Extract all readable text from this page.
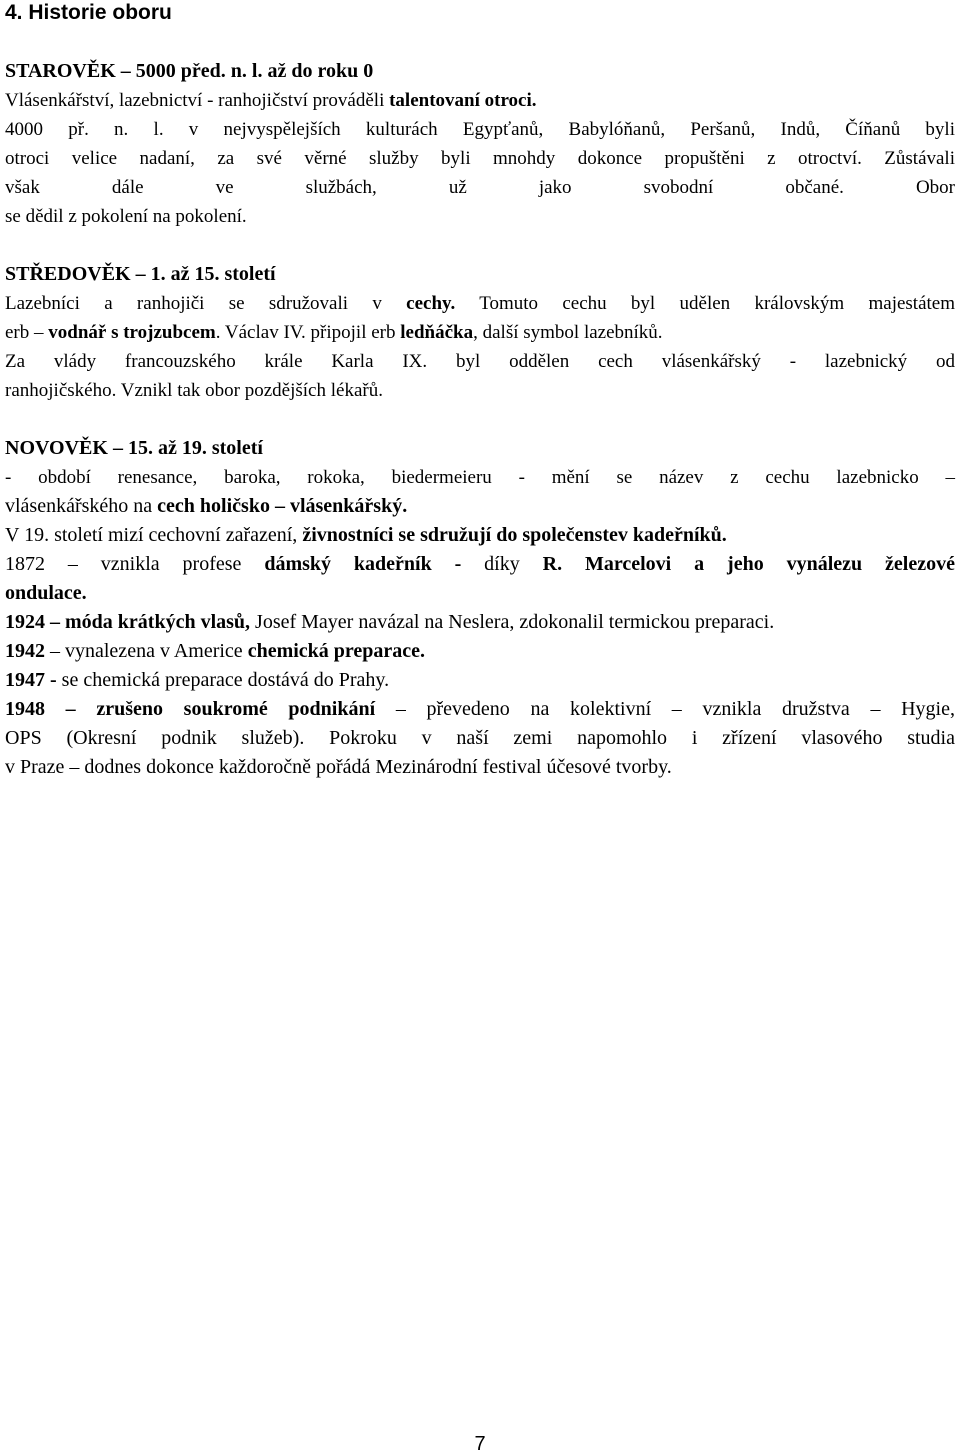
4. Historie oboru
STAROVĚK – 5000 před. n. l. až do roku 0
Vlásenkářství, lazebnictví - ranhojičství prováděli talentovaní otroci.
4000 př. n. l. v nejvyspělejších kulturách Egypťanů, Babylóňanů, Peršanů, Indů, Číňanů byli
otroci velice nadaní, za své věrné služby byli mnohdy dokonce propuštěni z otroctví. Zůstávali
však dále ve službách, už jako svobodní občané. Obor
se dědil z pokolení na pokolení.
STŘEDOVĚK – 1. až 15. století
Lazebníci a ranhojiči se sdružovali v cechy. Tomuto cechu byl udělen královským majestátem
erb – vodnář s trojzubcem. Václav IV. připojil erb ledňáčka, další symbol lazebníků.
Za vlády francouzského krále Karla IX. byl oddělen cech vlásenkářský - lazebnický od
ranhojičského. Vznikl tak obor pozdějších lékařů.
NOVOVĚK – 15. až 19. století
- období renesance, baroka, rokoka, biedermeieru - mění se název z cechu lazebnicko –
vlásenkářského na cech holičsko – vlásenkářský.
V 19. století mizí cechovní zařazení, živnostníci se sdružují do společenstev kadeřníků.
1872 – vznikla profese dámský kadeřník - díky R. Marcelovi a jeho vynálezu železové
ondulace.
1924 – módа krátkých vlasů, Josef Mayer navázal na Neslera, zdokonalil termickou preparaci.
1942 – vynalezena v Americe chemická preparace.
1947 - se chemická preparace dostává do Prahy.
1948 – zrušeno soukromé podnikání – převedeno na kolektivní – vznikla družstva – Hygie,
OPS (Okresní podnik služeb). Pokroku v naší zemi napomohlo i zřízení vlasového studia
v Praze – dodnes dokonce každoročně pořádá Mezinárodní festival účesové tvorby.
7
